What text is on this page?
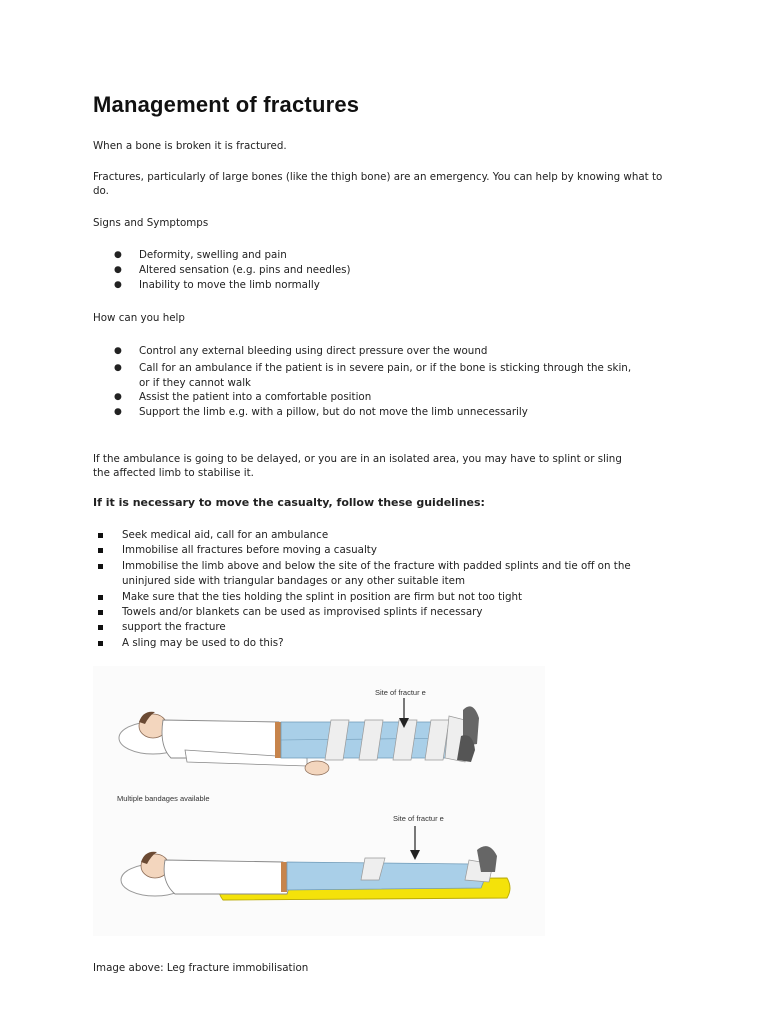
Management of fractures

When a bone is broken it is fractured.

Fractures, particularly of large bones (like the thigh bone) are an emergency. You can help by knowing what to

do.

Signs and Symptomps

● Deformity, swelling and pain
● Altered sensation (e.g. pins and needles)
● Inability to move the limb normally

How can you help

● Control any external bleeding using direct pressure over the wound
● Call for an ambulance if the patient is in severe pain, or if the bone is sticking through the skin,
or if they cannot walk
● Assist the patient into a comfortable position
● Support the limb e.g. with a pillow, but do not move the limb unnecessarily

If the ambulance is going to be delayed, or you are in an isolated area, you may have to splint or sling

the affected limb to stabilise it.

If it is necessary to move the casualty, follow these guidelines:

Seek medical aid, call for an ambulance
Immobilise all fractures before moving a casualty
Immobilise the limb above and below the site of the fracture with padded splints and tie off on the
uninjured side with triangular bandages or any other suitable item
Make sure that the ties holding the splint in position are firm but not too tight
Towels and/or blankets can be used as improvised splints if necessary
support the fracture
A sling may be used to do this?
Site of fractur e
Multiple bandages available
Site of fractur e

Image above: Leg fracture immobilisation
